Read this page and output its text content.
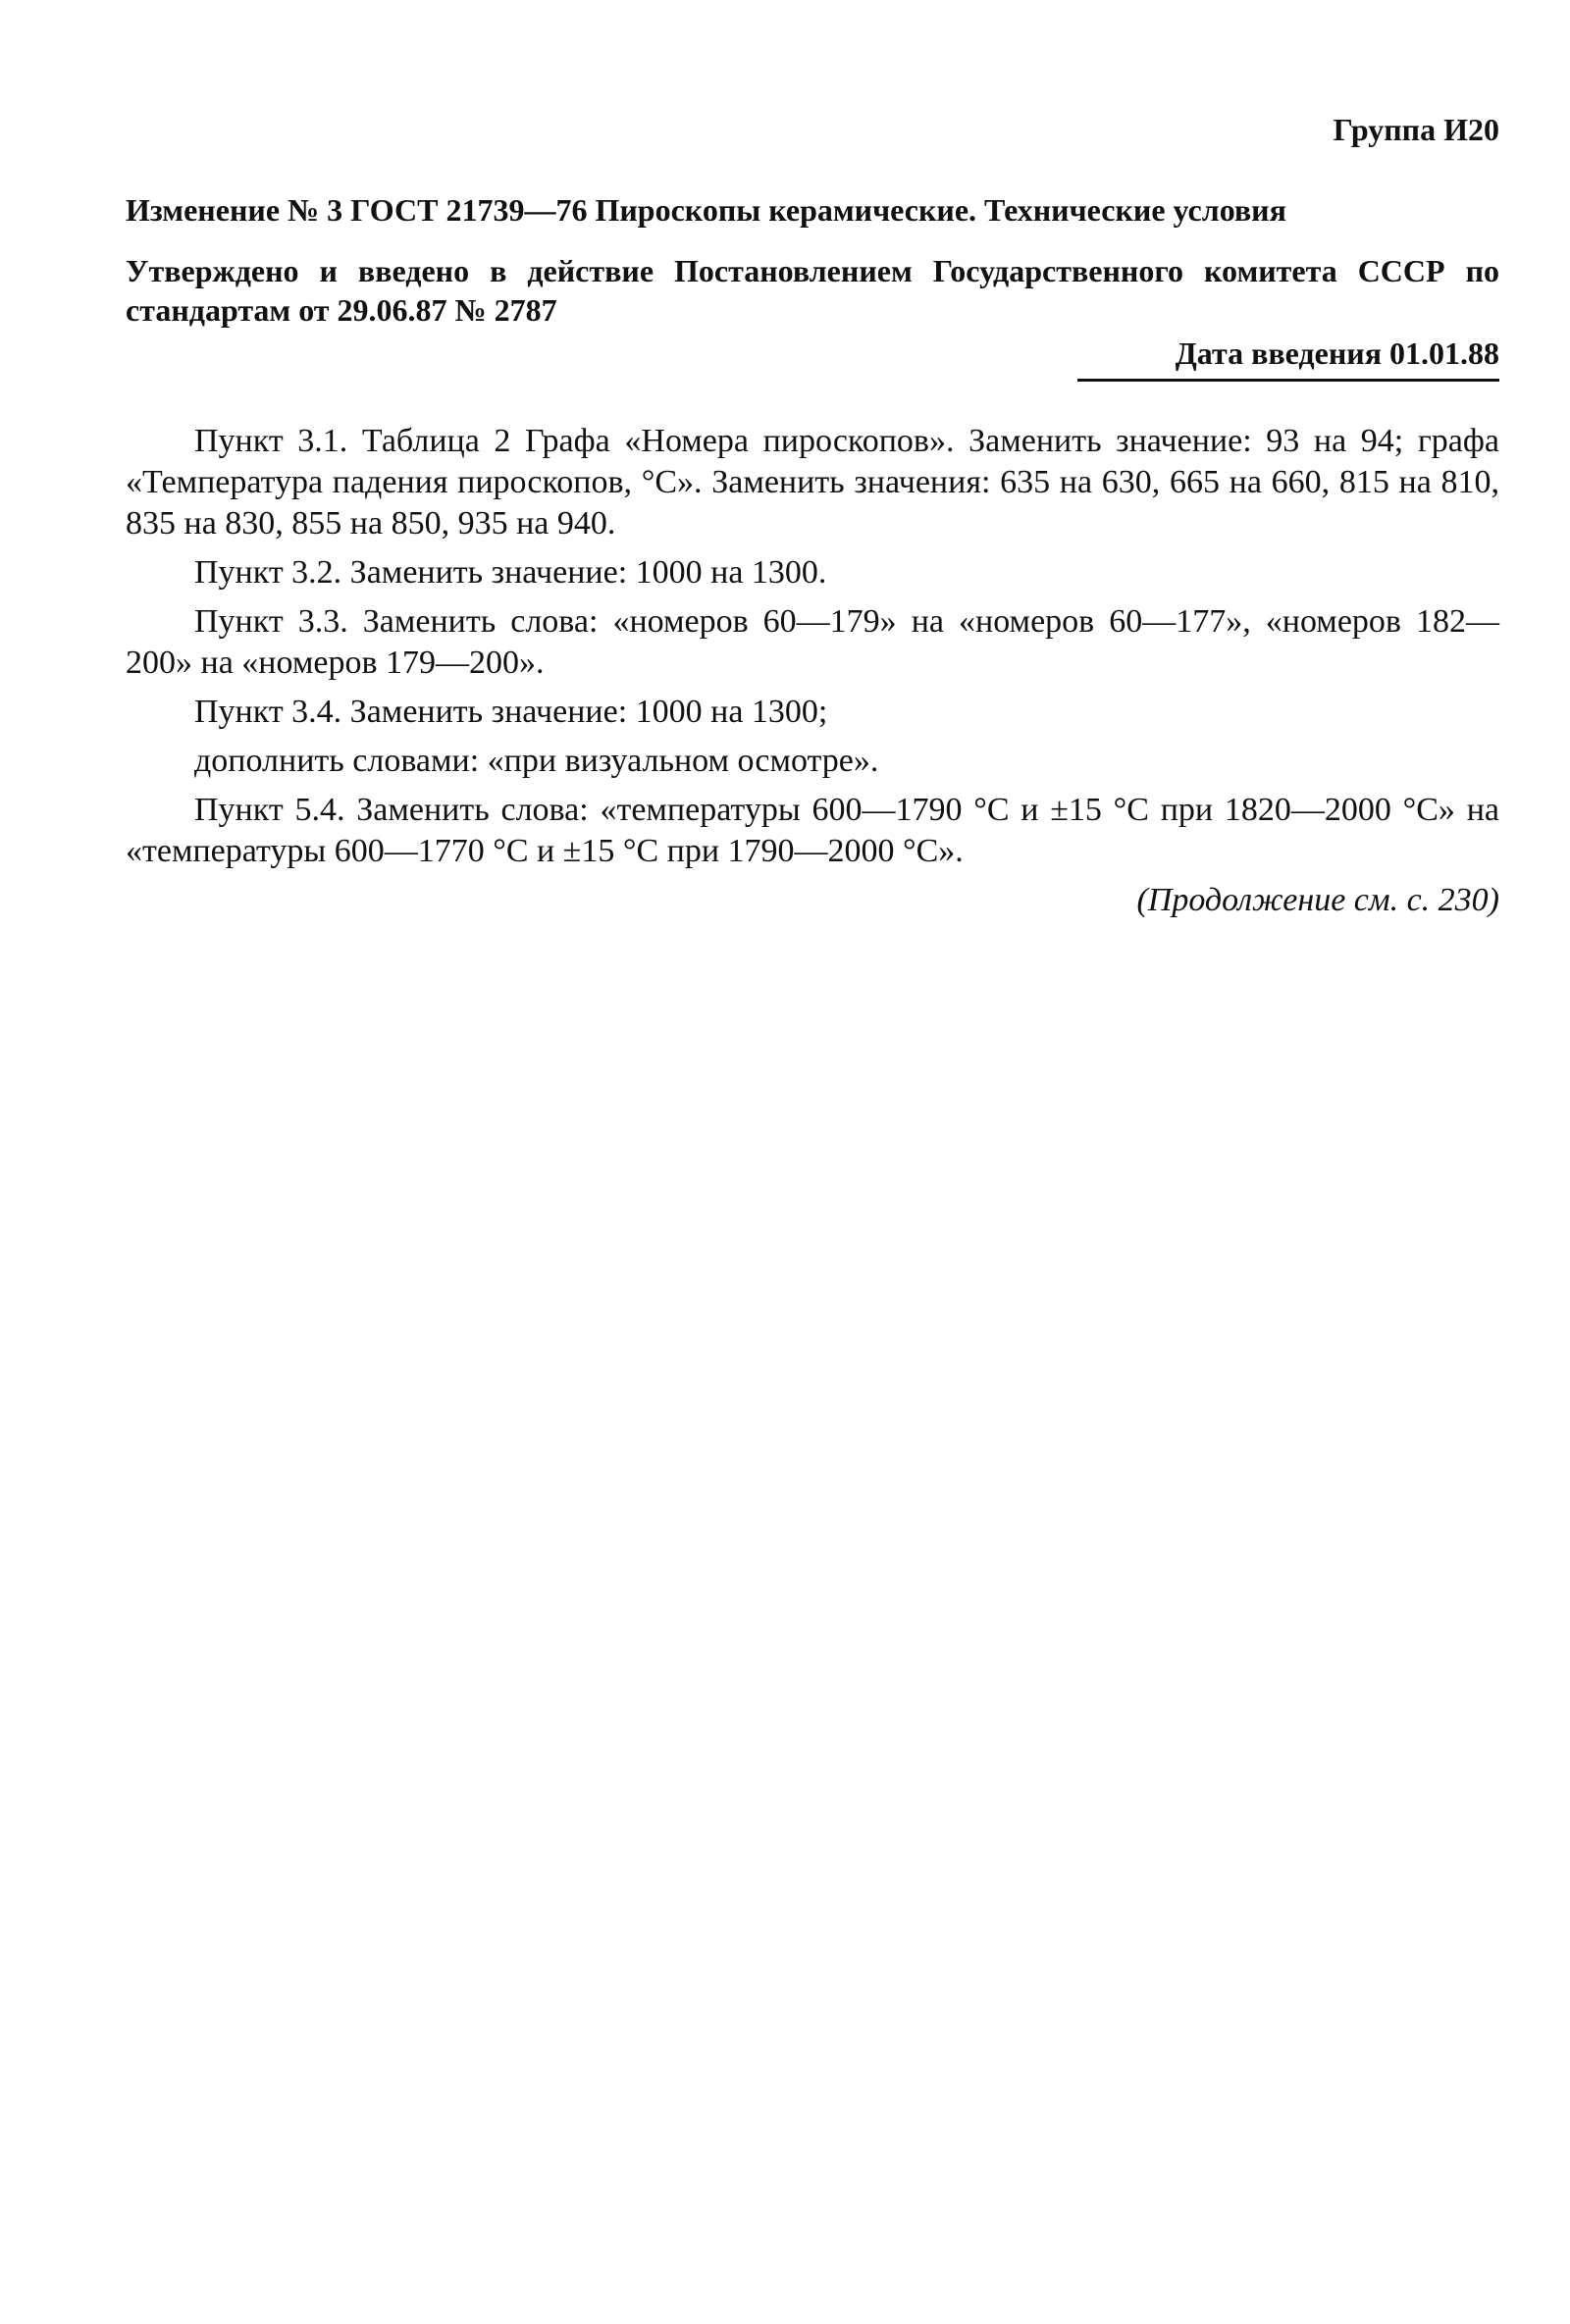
Группа И20
Изменение № 3 ГОСТ 21739—76 Пироскопы керамические. Технические условия
Утверждено и введено в действие Постановлением Государственного комитета СССР по стандартам от 29.06.87 № 2787
Дата введения 01.01.88

Пункт 3.1. Таблица 2 Графа «Номера пироскопов». Заменить значение: 93 на 94; графа «Температура падения пироскопов, °С». Заменить значения: 635 на 630, 665 на 660, 815 на 810, 835 на 830, 855 на 850, 935 на 940.

Пункт 3.2. Заменить значение: 1000 на 1300.

Пункт 3.3. Заменить слова: «номеров 60—179» на «номеров 60—177», «номеров 182—200» на «номеров 179—200».

Пункт 3.4. Заменить значение: 1000 на 1300;

дополнить словами: «при визуальном осмотре».

Пункт 5.4. Заменить слова: «температуры 600—1790 °С и ±15 °С при 1820—2000 °С» на «температуры 600—1770 °С и ±15 °С при 1790—2000 °С».

(Продолжение см. с. 230)
